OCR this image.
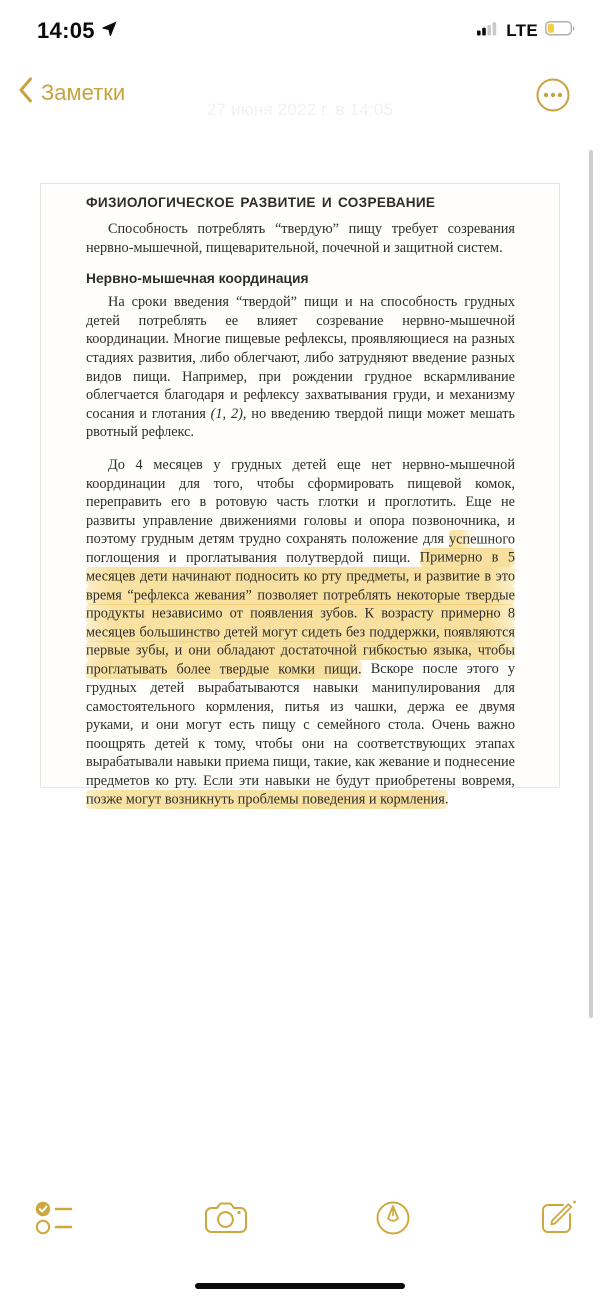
14:05	LTE
Заметки
27 июня 2022 г. в 14:05
ФИЗИОЛОГИЧЕСКОЕ РАЗВИТИЕ И СОЗРЕВАНИЕ

Способность потреблять “твердую” пищу требует созревания нервно-мышечной, пищеварительной, почечной и защитной систем.

Нервно-мышечная координация

На сроки введения “твердой” пищи и на способность грудных детей потреблять ее влияет созревание нервно-мышечной координации. Многие пищевые рефлексы, проявляющиеся на разных стадиях развития, либо облегчают, либо затрудняют введение разных видов пищи. Например, при рождении грудное вскармливание облегчается благодаря и рефлексу захватывания груди, и механизму сосания и глотания (1, 2), но введению твердой пищи может мешать рвотный рефлекс.

До 4 месяцев у грудных детей еще нет нервно-мышечной координации для того, чтобы сформировать пищевой комок, переправить его в ротовую часть глотки и проглотить. Еще не развиты управление движениями головы и опора позвоночника, и поэтому грудным детям трудно сохранять положение для успешного поглощения и проглатывания полутвердой пищи. Примерно в 5 месяцев дети начинают подносить ко рту предметы, и развитие в это время “рефлекса жевания” позволяет потреблять некоторые твердые продукты независимо от появления зубов. К возрасту примерно 8 месяцев большинство детей могут сидеть без поддержки, появляются первые зубы, и они обладают достаточной гибкостью языка, чтобы проглатывать более твердые комки пищи. Вскоре после этого у грудных детей вырабатываются навыки манипулирования для самостоятельного кормления, питья из чашки, держа ее двумя руками, и они могут есть пищу с семейного стола. Очень важно поощрять детей к тому, чтобы они на соответствующих этапах вырабатывали навыки приема пищи, такие, как жевание и поднесение предметов ко рту. Если эти навыки не будут приобретены вовремя, позже могут возникнуть проблемы поведения и кормления.
